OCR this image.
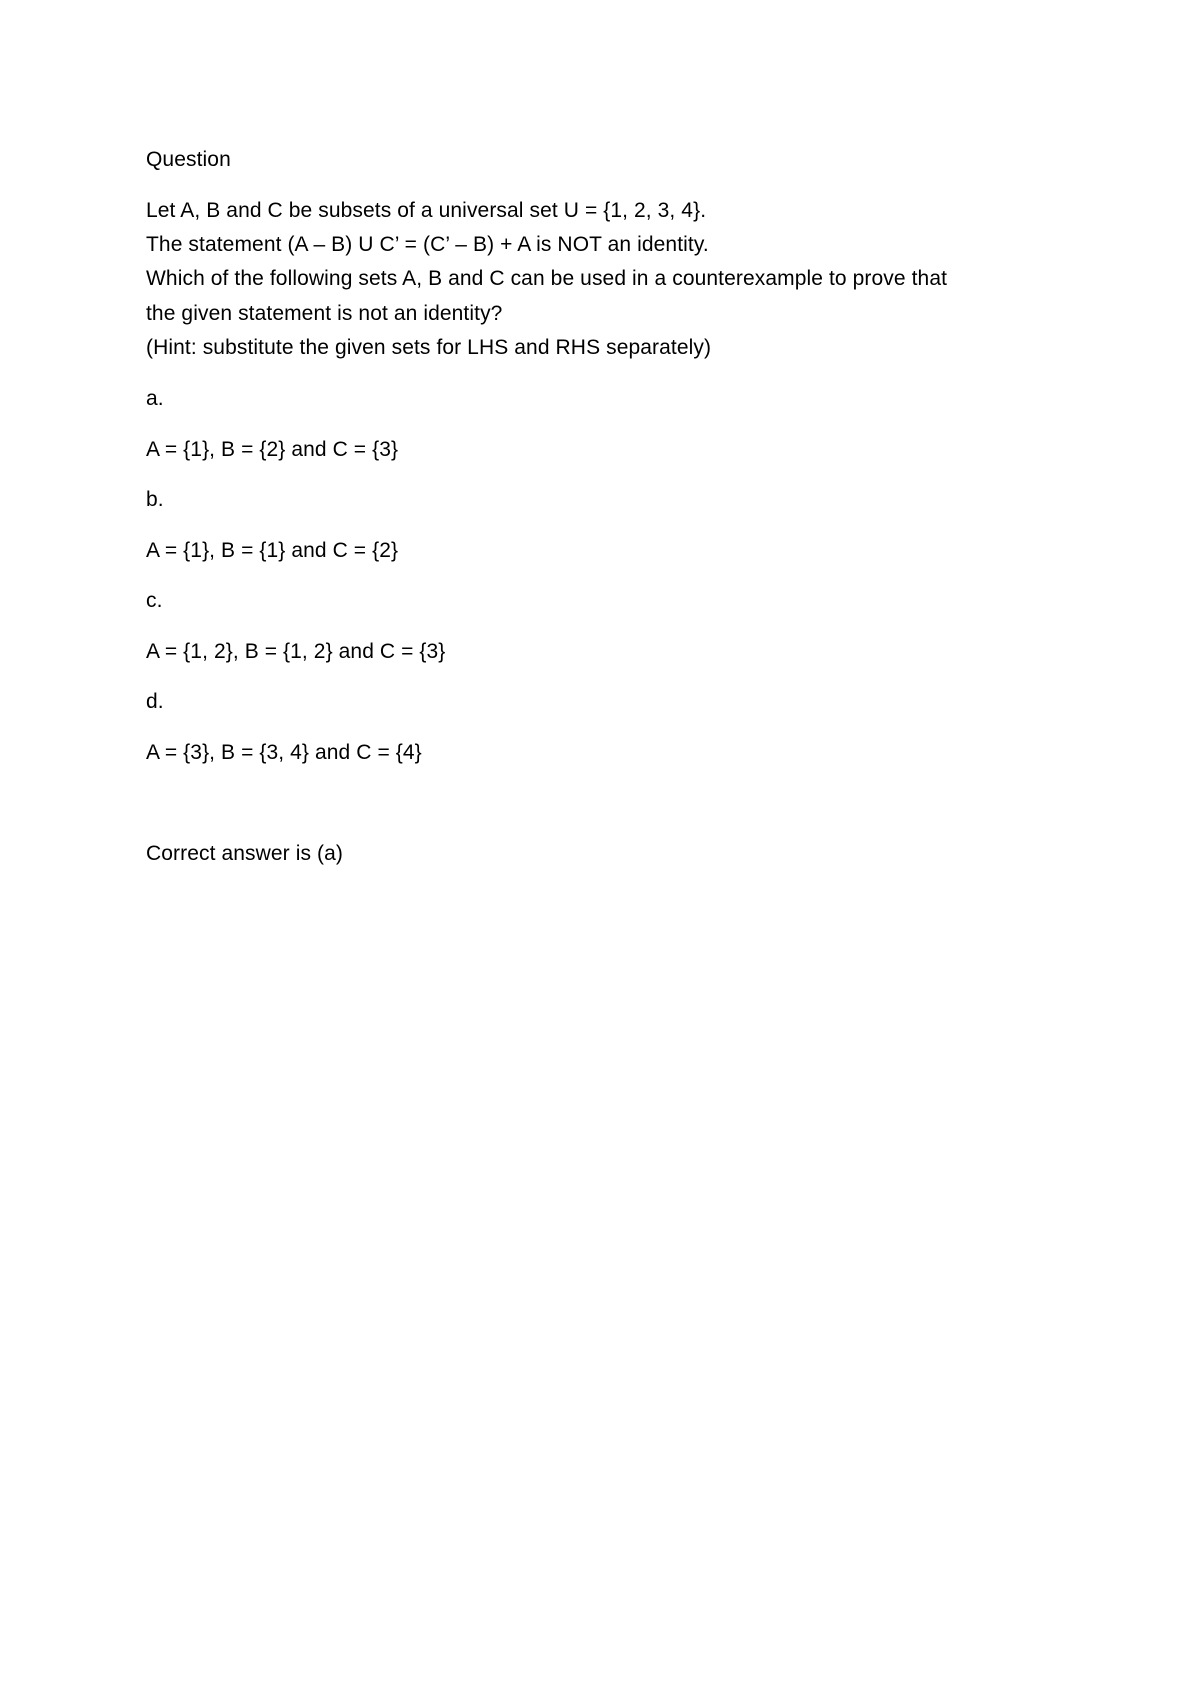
Question
Let A, B and C be subsets of a universal set U = {1, 2, 3, 4}.
The statement (A – B) U C’ = (C’ – B) + A is NOT an identity.
Which of the following sets A, B and C can be used in a counterexample to prove that
the given statement is not an identity?
(Hint: substitute the given sets for LHS and RHS separately)
a.
A = {1}, B = {2} and C = {3}
b.
A = {1}, B = {1} and C = {2}
c.
A = {1, 2}, B = {1, 2} and C = {3}
d.
A = {3}, B = {3, 4} and C = {4}
Correct answer is (a)
